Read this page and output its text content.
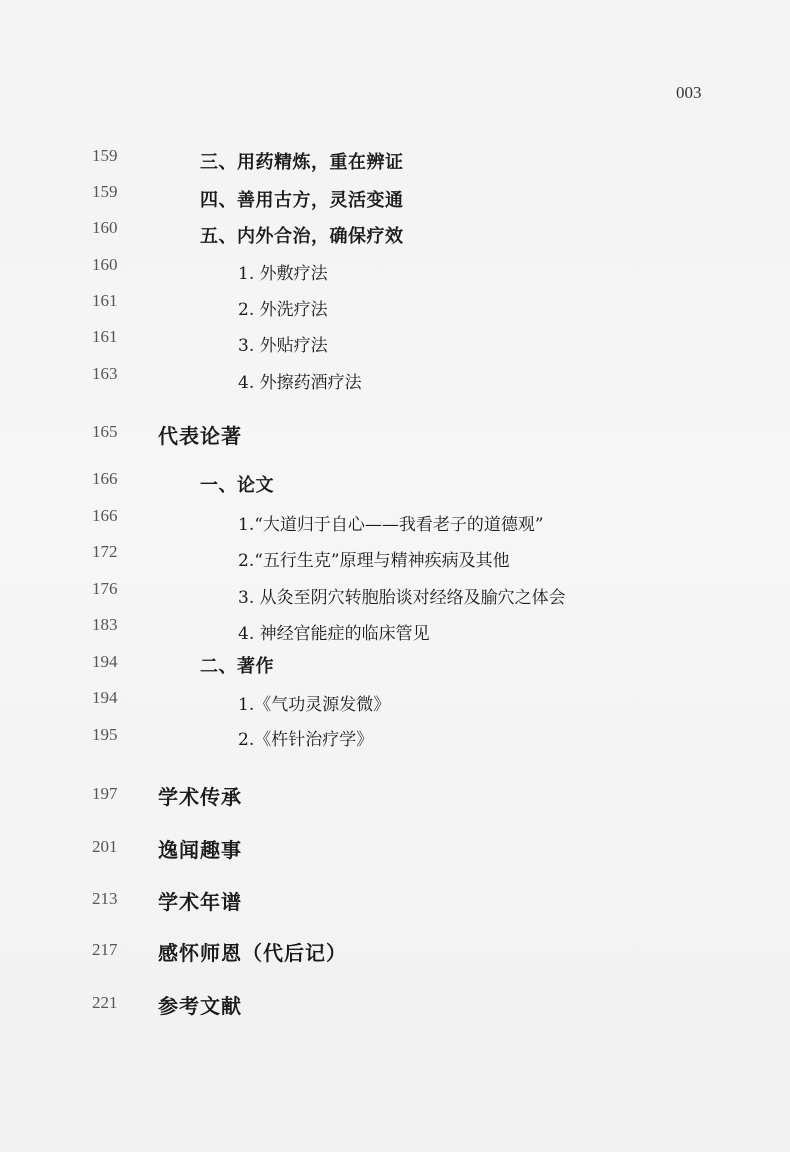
003
159	三、用药精炼，重在辨证
159	四、善用古方，灵活变通
160	五、内外合治，确保疗效
160	1. 外敷疗法
161	2. 外洗疗法
161	3. 外贴疗法
163	4. 外擦药酒疗法
165	代表论著
166	一、论文
166	1.“大道归于自心——我看老子的道德观”
172	2.“五行生克”原理与精神疾病及其他
176	3. 从灸至阴穴转胞胎谈对经络及腧穴之体会
183	4. 神经官能症的临床管见
194	二、著作
194	1.《气功灵源发微》
195	2.《杵针治疗学》
197	学术传承
201	逸闻趣事
213	学术年谱
217	感怀师恩（代后记）
221	参考文献
